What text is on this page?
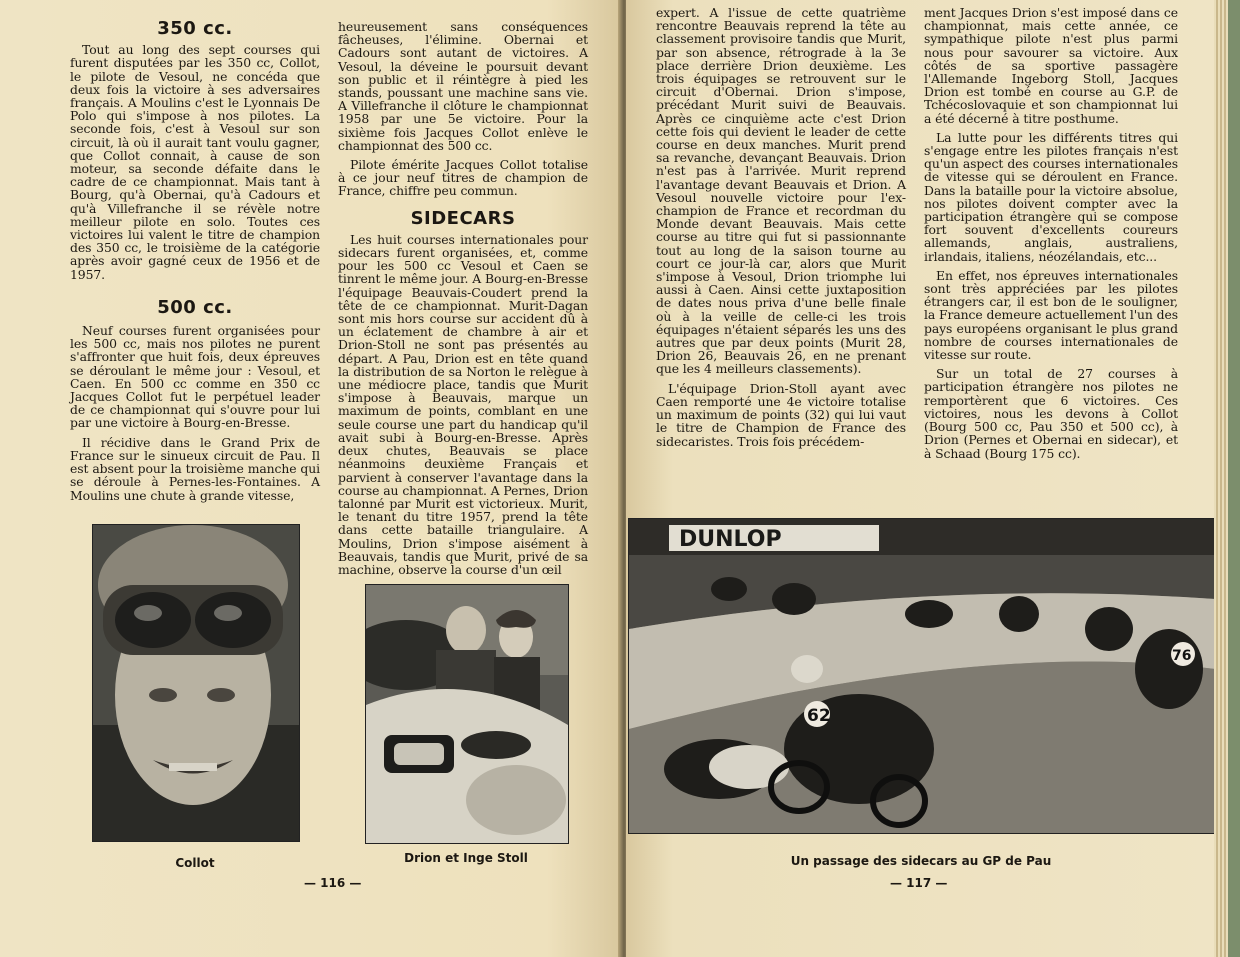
350 cc.

Tout au long des sept courses qui furent disputées par les 350 cc, Collot, le pilote de Vesoul, ne concéda que deux fois la victoire à ses adversaires français. A Moulins c'est le Lyonnais De Polo qui s'impose à nos pilotes. La seconde fois, c'est à Vesoul sur son circuit, là où il aurait tant voulu gagner, que Collot connait, à cause de son moteur, sa seconde défaite dans le cadre de ce championnat. Mais tant à Bourg, qu'à Obernai, qu'à Cadours et qu'à Villefranche il se révèle notre meilleur pilote en solo. Toutes ces victoires lui valent le titre de champion des 350 cc, le troisième de la catégorie après avoir gagné ceux de 1956 et de 1957.

500 cc.

Neuf courses furent organisées pour les 500 cc, mais nos pilotes ne purent s'affronter que huit fois, deux épreuves se déroulant le même jour : Vesoul, et Caen. En 500 cc comme en 350 cc Jacques Collot fut le perpétuel leader de ce championnat qui s'ouvre pour lui par une victoire à Bourg-en-Bresse.

Il récidive dans le Grand Prix de France sur le sinueux circuit de Pau. Il est absent pour la troisième manche qui se déroule à Pernes-les-Fontaines. A Moulins une chute à grande vitesse,

heureusement sans conséquences fâcheuses, l'élimine. Obernai et Cadours sont autant de victoires. A Vesoul, la déveine le poursuit devant son public et il réintègre à pied les stands, poussant une machine sans vie. A Villefranche il clôture le championnat 1958 par une 5e victoire. Pour la sixième fois Jacques Collot enlève le championnat des 500 cc.

Pilote émérite Jacques Collot totalise à ce jour neuf titres de champion de France, chiffre peu commun.

SIDECARS

Les huit courses internationales pour sidecars furent organisées, et, comme pour les 500 cc Vesoul et Caen se tinrent le même jour. A Bourg-en-Bresse l'équipage Beauvais-Coudert prend la tête de ce championnat. Murit-Dagan sont mis hors course sur accident dû à un éclatement de chambre à air et Drion-Stoll ne sont pas présentés au départ. A Pau, Drion est en tête quand la distribution de sa Norton le relègue à une médiocre place, tandis que Murit s'impose à Beauvais, marque un maximum de points, comblant en une seule course une part du handicap qu'il avait subi à Bourg-en-Bresse. Après deux chutes, Beauvais se place néanmoins deuxième Français et parvient à conserver l'avantage dans la course au championnat. A Pernes, Drion talonné par Murit est victorieux. Murit, le tenant du titre 1957, prend la tête dans cette bataille triangulaire. A Moulins, Drion s'impose aisément à Beauvais, tandis que Murit, privé de sa machine, observe la course d'un œil

Collot	Drion et Inge Stoll
— 116 —

expert. A l'issue de cette quatrième rencontre Beauvais reprend la tête au classement provisoire tandis que Murit, par son absence, rétrograde à la 3e place derrière Drion deuxième. Les trois équipages se retrouvent sur le circuit d'Obernai. Drion s'impose, précédant Murit suivi de Beauvais. Après ce cinquième acte c'est Drion cette fois qui devient le leader de cette course en deux manches. Murit prend sa revanche, devançant Beauvais. Drion n'est pas à l'arrivée. Murit reprend l'avantage devant Beauvais et Drion. A Vesoul nouvelle victoire pour l'ex-champion de France et recordman du Monde devant Beauvais. Mais cette course au titre qui fut si passionnante tout au long de la saison tourne au court ce jour-là car, alors que Murit s'impose à Vesoul, Drion triomphe lui aussi à Caen. Ainsi cette juxtaposition de dates nous priva d'une belle finale où à la veille de celle-ci les trois équipages n'étaient séparés les uns des autres que par deux points (Murit 28, Drion 26, Beauvais 26, en ne prenant que les 4 meilleurs classements).

L'équipage Drion-Stoll ayant avec Caen remporté une 4e victoire totalise un maximum de points (32) qui lui vaut le titre de Champion de France des sidecaristes. Trois fois précédem-

ment Jacques Drion s'est imposé dans ce championnat, mais cette année, ce sympathique pilote n'est plus parmi nous pour savourer sa victoire. Aux côtés de sa sportive passagère l'Allemande Ingeborg Stoll, Jacques Drion est tombé en course au G.P. de Tchécoslovaquie et son championnat lui a été décerné à titre posthume.

La lutte pour les différents titres qui s'engage entre les pilotes français n'est qu'un aspect des courses internationales de vitesse qui se déroulent en France. Dans la bataille pour la victoire absolue, nos pilotes doivent compter avec la participation étrangère qui se compose fort souvent d'excellents coureurs allemands, anglais, australiens, irlandais, italiens, néozélandais, etc...

En effet, nos épreuves internationales sont très appréciées par les pilotes étrangers car, il est bon de le souligner, la France demeure actuellement l'un des pays européens organisant le plus grand nombre de courses internationales de vitesse sur route.

Sur un total de 27 courses à participation étrangère nos pilotes ne remportèrent que 6 victoires. Ces victoires, nous les devons à Collot (Bourg 500 cc, Pau 350 et 500 cc), à Drion (Pernes et Obernai en sidecar), et à Schaad (Bourg 175 cc).

DUNLOP
62
76
Un passage des sidecars au GP de Pau
— 117 —
